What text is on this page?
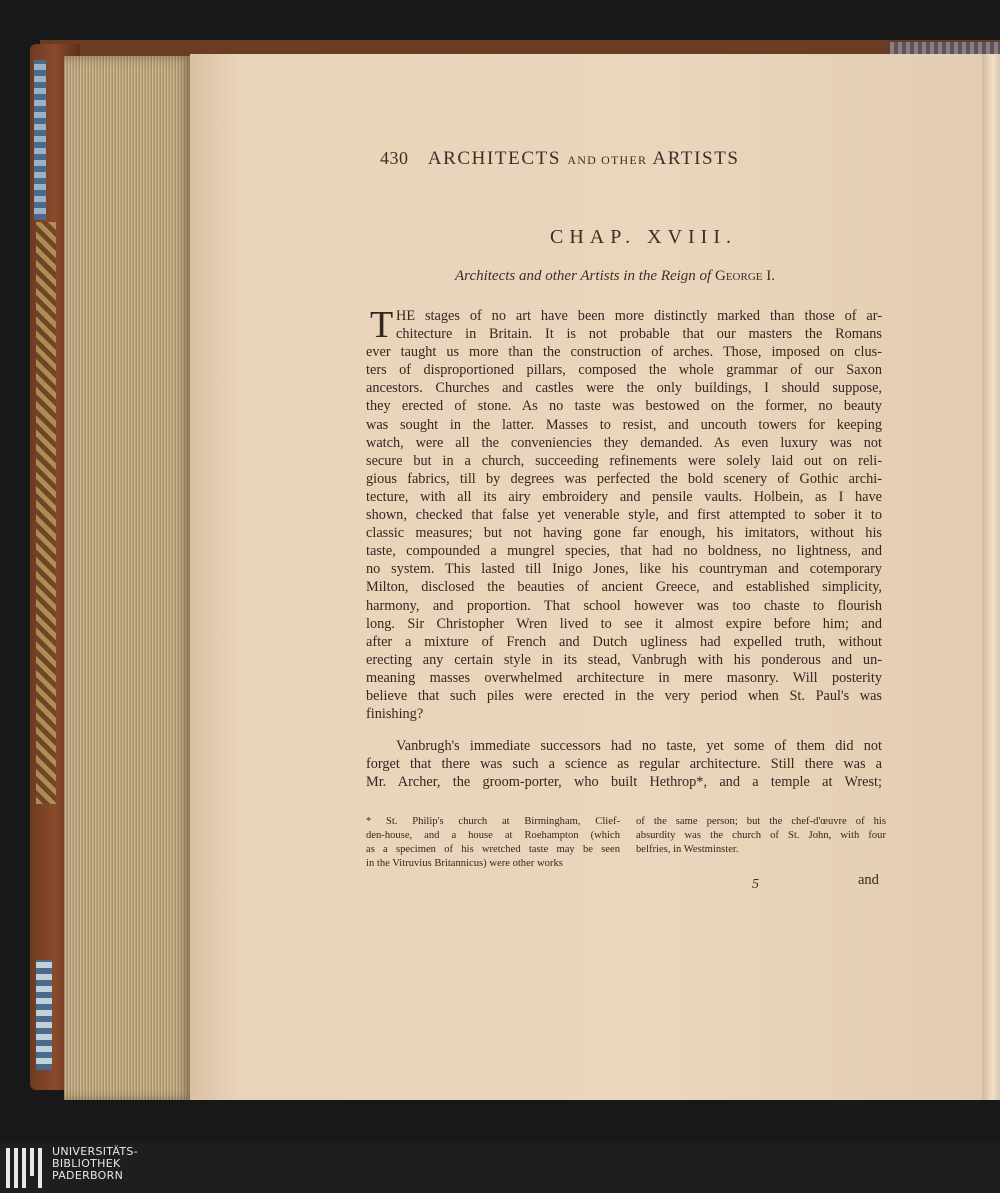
430 ARCHITECTS AND OTHER ARTISTS
CHAP. XVIII.
Architects and other Artists in the Reign of George I.
T HE stages of no art have been more distinctly marked than those of ar-
chitecture in Britain. It is not probable that our masters the Romans
ever taught us more than the construction of arches. Those, imposed on clus-
ters of disproportioned pillars, composed the whole grammar of our Saxon
ancestors. Churches and castles were the only buildings, I should suppose,
they erected of stone. As no taste was bestowed on the former, no beauty
was sought in the latter. Masses to resist, and uncouth towers for keeping
watch, were all the conveniencies they demanded. As even luxury was not
secure but in a church, succeeding refinements were solely laid out on reli-
gious fabrics, till by degrees was perfected the bold scenery of Gothic archi-
tecture, with all its airy embroidery and pensile vaults. Holbein, as I have
shown, checked that false yet venerable style, and first attempted to sober it to
classic measures; but not having gone far enough, his imitators, without his
taste, compounded a mungrel species, that had no boldness, no lightness, and
no system. This lasted till Inigo Jones, like his countryman and cotemporary
Milton, disclosed the beauties of ancient Greece, and established simplicity,
harmony, and proportion. That school however was too chaste to flourish
long. Sir Christopher Wren lived to see it almost expire before him; and
after a mixture of French and Dutch ugliness had expelled truth, without
erecting any certain style in its stead, Vanbrugh with his ponderous and un-
meaning masses overwhelmed architecture in mere masonry. Will posterity
believe that such piles were erected in the very period when St. Paul's was
finishing?
Vanbrugh's immediate successors had no taste, yet some of them did not
forget that there was such a science as regular architecture. Still there was a
Mr. Archer, the groom-porter, who built Hethrop*, and a temple at Wrest;
* St. Philip's church at Birmingham, Clief-
den-house, and a house at Roehampton (which
as a specimen of his wretched taste may be seen
in the Vitruvius Britannicus) were other works
of the same person; but the chef-d'œuvre of his
absurdity was the church of St. John, with four
belfries, in Westminster.
5	and
UNIVERSITÄTS-
BIBLIOTHEK
PADERBORN
